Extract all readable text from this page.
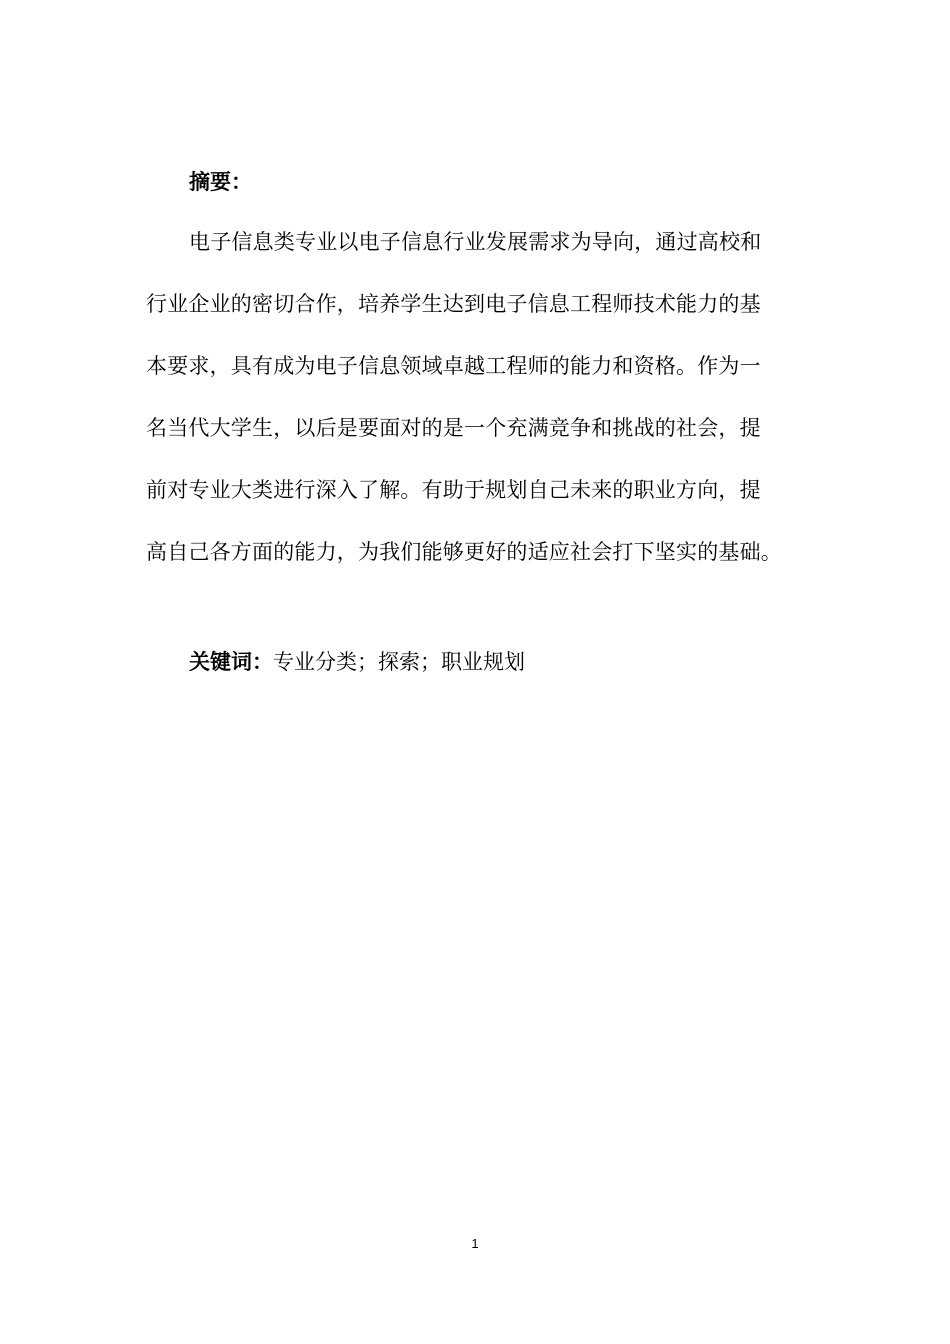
摘要：
电子信息类专业以电子信息行业发展需求为导向，通过高校和
行业企业的密切合作，培养学生达到电子信息工程师技术能力的基
本要求，具有成为电子信息领域卓越工程师的能力和资格。作为一
名当代大学生，以后是要面对的是一个充满竞争和挑战的社会，提
前对专业大类进行深入了解。有助于规划自己未来的职业方向，提
高自己各方面的能力，为我们能够更好的适应社会打下坚实的基础。
关键词：专业分类；探索；职业规划
1
